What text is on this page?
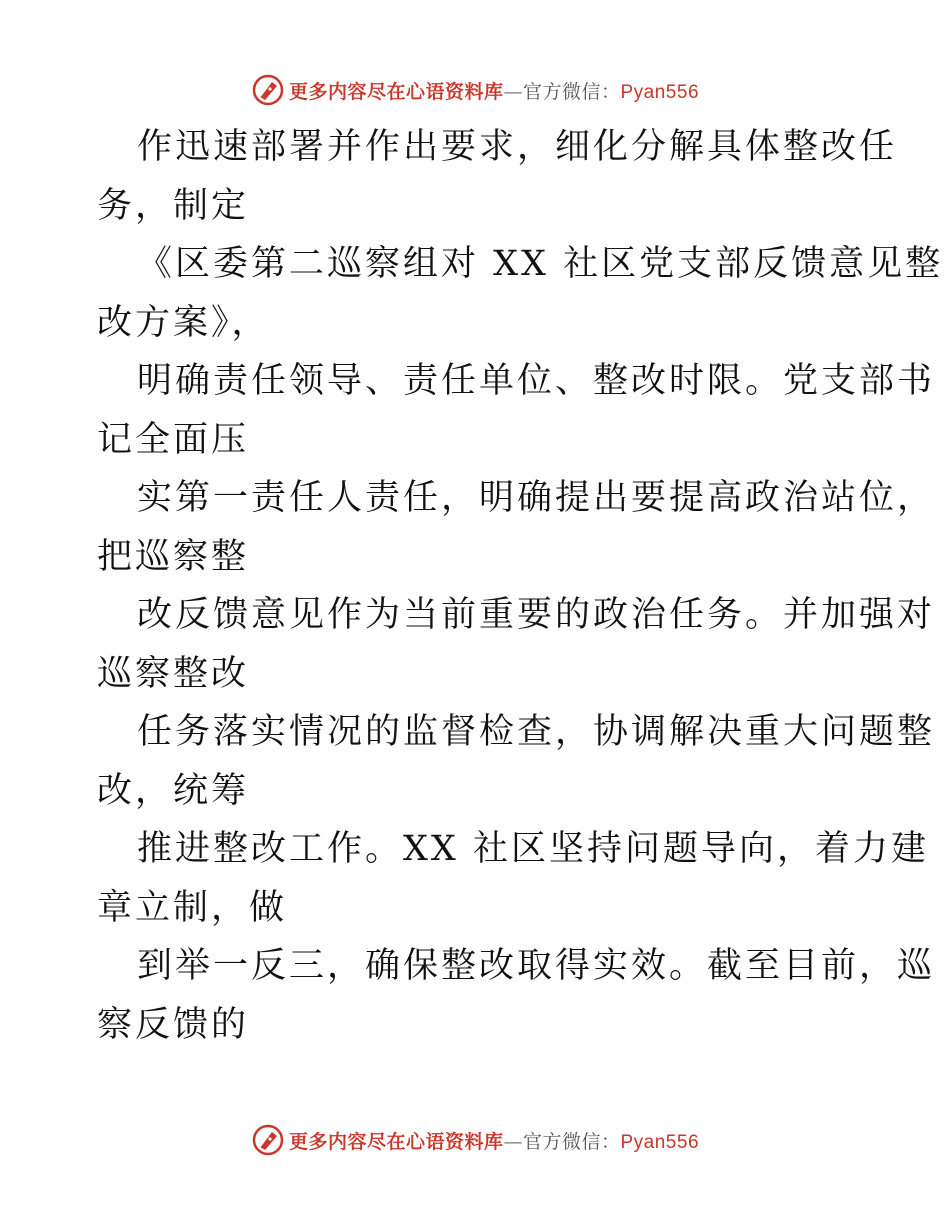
更多内容尽在心语资料库—官方微信：Pyan556
作迅速部署并作出要求，细化分解具体整改任
务，制定
《区委第二巡察组对 XX 社区党支部反馈意见整
改方案》，
明确责任领导、责任单位、整改时限。党支部书
记全面压
实第一责任人责任，明确提出要提高政治站位，
把巡察整
改反馈意见作为当前重要的政治任务。并加强对
巡察整改
任务落实情况的监督检查，协调解决重大问题整
改，统筹
推进整改工作。XX 社区坚持问题导向，着力建
章立制，做
到举一反三，确保整改取得实效。截至目前，巡
察反馈的
更多内容尽在心语资料库—官方微信：Pyan556
